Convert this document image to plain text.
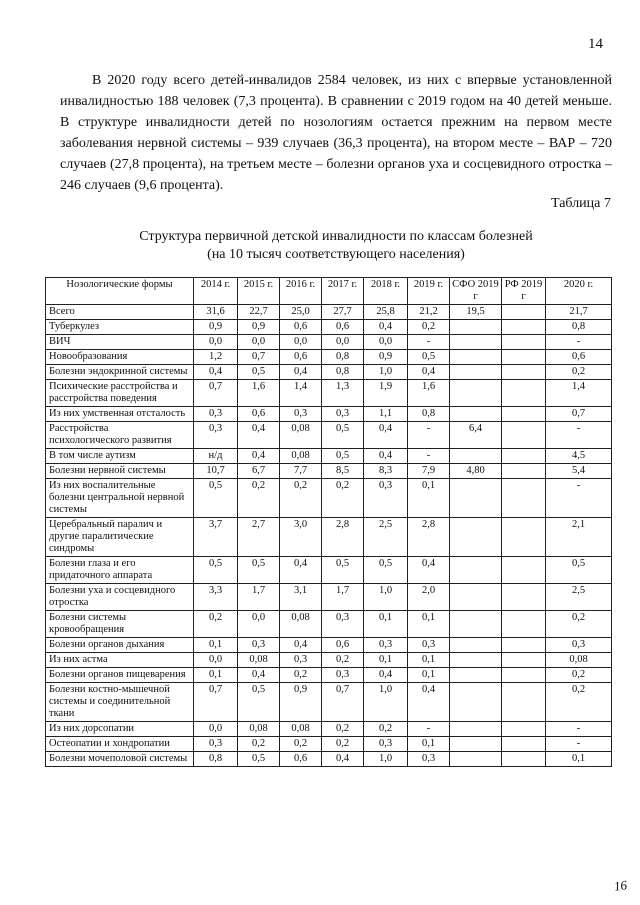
14

В 2020 году всего детей-инвалидов 2584 человек, из них с впервые установленной инвалидностью 188 человек (7,3 процента). В сравнении с 2019 годом на 40 детей меньше. В структуре инвалидности детей по нозологиям остается прежним на первом месте заболевания нервной системы – 939 случаев (36,3 процента), на втором месте – ВАР – 720 случаев (27,8 процента), на третьем месте – болезни органов уха и сосцевидного отростка – 246 случаев (9,6 процента).

Таблица 7
Структура первичной детской инвалидности по классам болезней
(на 10 тысяч соответствующего населения)
Нозологические формы	2014 г.	2015 г.	2016 г.	2017 г.	2018 г.	2019 г.	СФО 2019 г	РФ 2019 г	2020 г.
Всего	31,6	22,7	25,0	27,7	25,8	21,2	19,5		21,7
Туберкулез	0,9	0,9	0,6	0,6	0,4	0,2			0,8
ВИЧ	0,0	0,0	0,0	0,0	0,0	-			-
Новообразования	1,2	0,7	0,6	0,8	0,9	0,5			0,6
Болезни эндокринной системы	0,4	0,5	0,4	0,8	1,0	0,4			0,2
Психические расстройства и расстройства поведения	0,7	1,6	1,4	1,3	1,9	1,6			1,4
Из них умственная отсталость	0,3	0,6	0,3	0,3	1,1	0,8			0,7
Расстройства психологического развития	0,3	0,4	0,08	0,5	0,4	-	6,4		-
В том числе аутизм	н/д	0,4	0,08	0,5	0,4	-			4,5
Болезни нервной системы	10,7	6,7	7,7	8,5	8,3	7,9	4,80		5,4
Из них воспалительные болезни центральной нервной системы	0,5	0,2	0,2	0,2	0,3	0,1			-
Церебральный паралич и другие паралитические синдромы	3,7	2,7	3,0	2,8	2,5	2,8			2,1
Болезни глаза и его придаточного аппарата	0,5	0,5	0,4	0,5	0,5	0,4			0,5
Болезни уха и сосцевидного отростка	3,3	1,7	3,1	1,7	1,0	2,0			2,5
Болезни системы кровообращения	0,2	0,0	0,08	0,3	0,1	0,1			0,2
Болезни органов дыхания	0,1	0,3	0,4	0,6	0,3	0,3			0,3
Из них астма	0,0	0,08	0,3	0,2	0,1	0,1			0,08
Болезни органов пищеварения	0,1	0,4	0,2	0,3	0,4	0,1			0,2
Болезни костно-мышечной системы и соединительной ткани	0,7	0,5	0,9	0,7	1,0	0,4			0,2
Из них дорсопатии	0,0	0,08	0,08	0,2	0,2	-			-
Остеопатии и хондропатии	0,3	0,2	0,2	0,2	0,3	0,1			-
Болезни мочеполовой системы	0,8	0,5	0,6	0,4	1,0	0,3			0,1
16
